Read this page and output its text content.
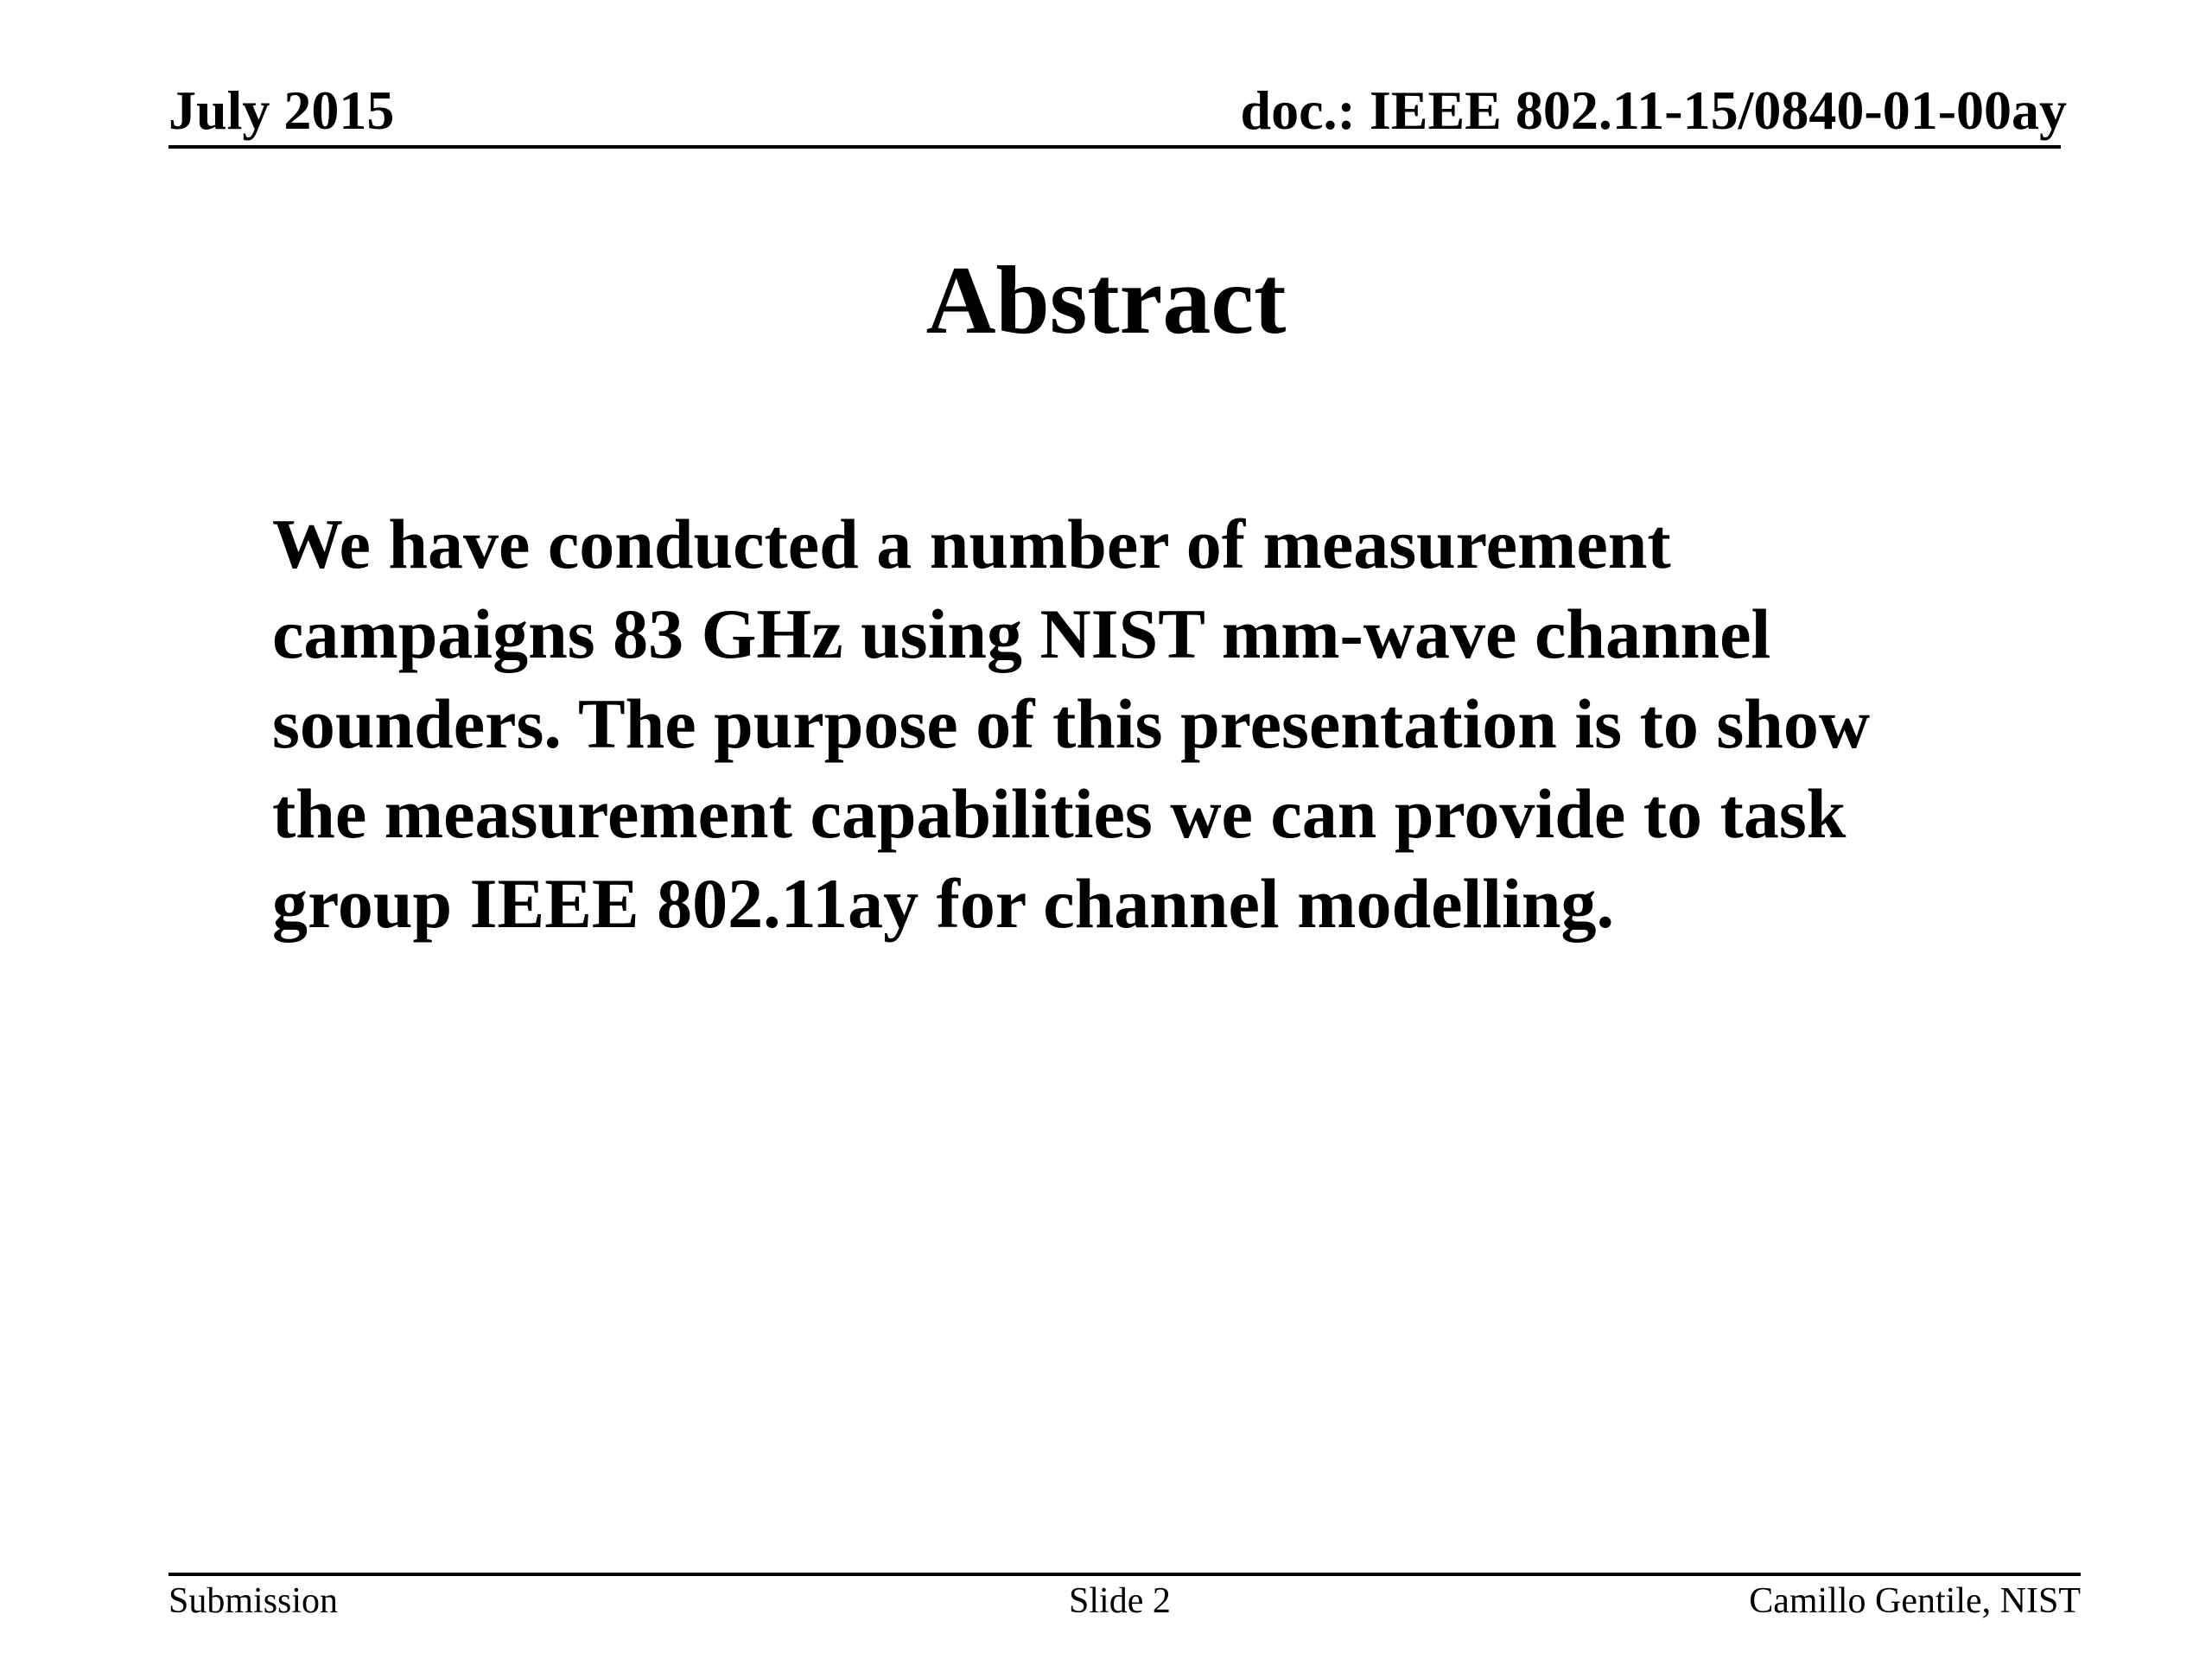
July 2015	doc.: IEEE 802.11-15/0840-01-00ay
Abstract
We have conducted a number of measurement
campaigns 83 GHz using NIST mm-wave channel
sounders. The purpose of this presentation is to show
the measurement capabilities we can provide to task
group IEEE 802.11ay for channel modelling.
Submission	Slide 2	Camillo Gentile, NIST
